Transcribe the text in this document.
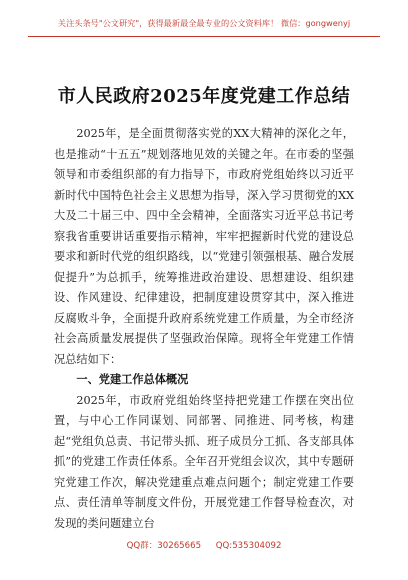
关注头条号"公文研究"，获得最新最全最专业的公文资料库！ 微信：gongwenyj
市人民政府2025年度党建工作总结

2025年，是全面贯彻落实党的XX大精神的深化之年，也是推动“十五五”规划落地见效的关键之年。在市委的坚强领导和市委组织部的有力指导下，市政府党组始终以习近平新时代中国特色社会主义思想为指导，深入学习贯彻党的XX大及二十届三中、四中全会精神，全面落实习近平总书记考察我省重要讲话重要指示精神，牢牢把握新时代党的建设总要求和新时代党的组织路线，以“党建引领强根基、融合发展促提升”为总抓手，统筹推进政治建设、思想建设、组织建设、作风建设、纪律建设，把制度建设贯穿其中，深入推进反腐败斗争，全面提升政府系统党建工作质量，为全市经济社会高质量发展提供了坚强政治保障。现将全年党建工作情况总结如下：

一、党建工作总体概况

2025年，市政府党组始终坚持把党建工作摆在突出位置，与中心工作同谋划、同部署、同推进、同考核，构建起“党组负总责、书记带头抓、班子成员分工抓、各支部具体抓”的党建工作责任体系。全年召开党组会议次，其中专题研究党建工作次，解决党建重点难点问题个；制定党建工作要点、责任清单等制度文件份，开展党建工作督导检查次，对发现的类问题建立台

QQ群：30265665 QQ:535304092
